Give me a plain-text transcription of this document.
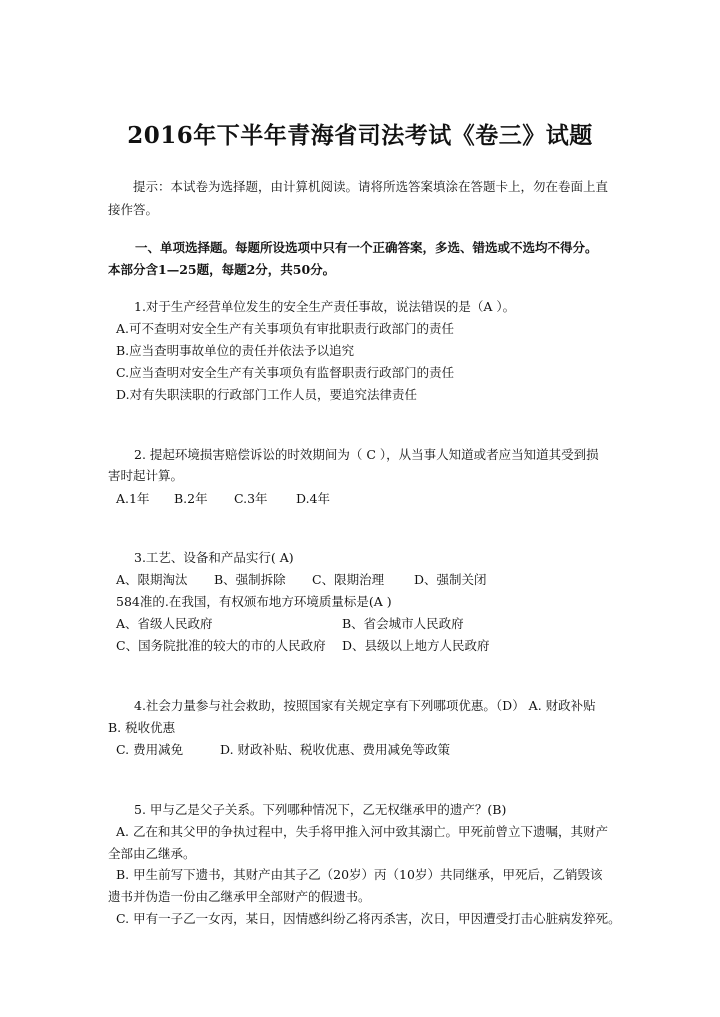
2016年下半年青海省司法考试《卷三》试题
提示：本试卷为选择题，由计算机阅读。请将所选答案填涂在答题卡上，勿在卷面上直
接作答。
一、单项选择题。每题所设选项中只有一个正确答案，多选、错选或不选均不得分。
本部分含1—25题，每题2分，共50分。
1.对于生产经营单位发生的安全生产责任事故，说法错误的是（A ）。
A.可不查明对安全生产有关事项负有审批职责行政部门的责任
B.应当查明事故单位的责任并依法予以追究
C.应当查明对安全生产有关事项负有监督职责行政部门的责任
D.对有失职渎职的行政部门工作人员，要追究法律责任
2. 提起环境损害赔偿诉讼的时效期间为（ C ），从当事人知道或者应当知道其受到损
害时起计算。
A.1年 B.2年 C.3年 D.4年
3.工艺、设备和产品实行( A)
A、限期淘汰 B、强制拆除 C、限期治理 D、强制关闭
584准的.在我国，有权颁布地方环境质量标是(A )
A、省级人民政府	B、省会城市人民政府
C、国务院批准的较大的市的人民政府 D、县级以上地方人民政府
4.社会力量参与社会救助，按照国家有关规定享有下列哪项优惠。（D） A. 财政补贴
B. 税收优惠
C. 费用减免	D. 财政补贴、税收优惠、费用减免等政策
5. 甲与乙是父子关系。下列哪种情况下，乙无权继承甲的遗产？(B)
A. 乙在和其父甲的争执过程中，失手将甲推入河中致其溺亡。甲死前曾立下遗嘱，其财产
全部由乙继承。
B. 甲生前写下遗书，其财产由其子乙（20岁）丙（10岁）共同继承，甲死后，乙销毁该
遗书并伪造一份由乙继承甲全部财产的假遗书。
C. 甲有一子乙一女丙，某日，因情感纠纷乙将丙杀害，次日，甲因遭受打击心脏病发猝死。
